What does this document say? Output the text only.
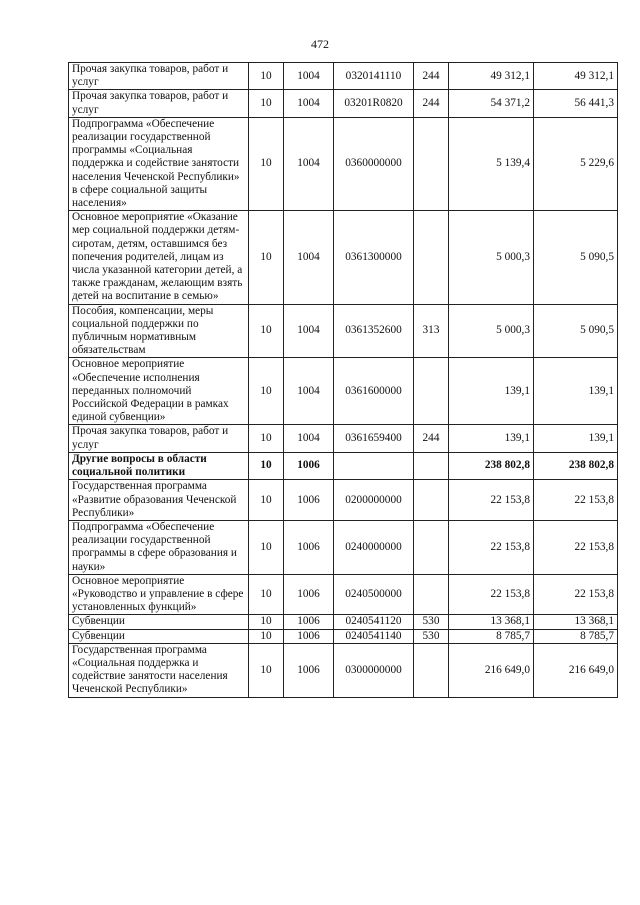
472
Прочая закупка товаров, работ и услуг	10	1004	0320141110	244	49 312,1	49 312,1
Прочая закупка товаров, работ и услуг	10	1004	03201R0820	244	54 371,2	56 441,3
Подпрограмма «Обеспечение реализации государственной программы «Социальная поддержка и содействие занятости населения Чеченской Республики» в сфере социальной защиты населения»	10	1004	0360000000		5 139,4	5 229,6
Основное мероприятие «Оказание мер социальной поддержки детям-сиротам, детям, оставшимся без попечения родителей, лицам из числа указанной категории детей, а также гражданам, желающим взять детей на воспитание в семью»	10	1004	0361300000		5 000,3	5 090,5
Пособия, компенсации, меры социальной поддержки по публичным нормативным обязательствам	10	1004	0361352600	313	5 000,3	5 090,5
Основное мероприятие «Обеспечение исполнения переданных полномочий Российской Федерации в рамках единой субвенции»	10	1004	0361600000		139,1	139,1
Прочая закупка товаров, работ и услуг	10	1004	0361659400	244	139,1	139,1
Другие вопросы в области социальной политики	10	1006			238 802,8	238 802,8
Государственная программа «Развитие образования Чеченской Республики»	10	1006	0200000000		22 153,8	22 153,8
Подпрограмма «Обеспечение реализации государственной программы в сфере образования и науки»	10	1006	0240000000		22 153,8	22 153,8
Основное мероприятие «Руководство и управление в сфере установленных функций»	10	1006	0240500000		22 153,8	22 153,8
Субвенции	10	1006	0240541120	530	13 368,1	13 368,1
Субвенции	10	1006	0240541140	530	8 785,7	8 785,7
Государственная программа «Социальная поддержка и содействие занятости населения Чеченской Республики»	10	1006	0300000000		216 649,0	216 649,0
